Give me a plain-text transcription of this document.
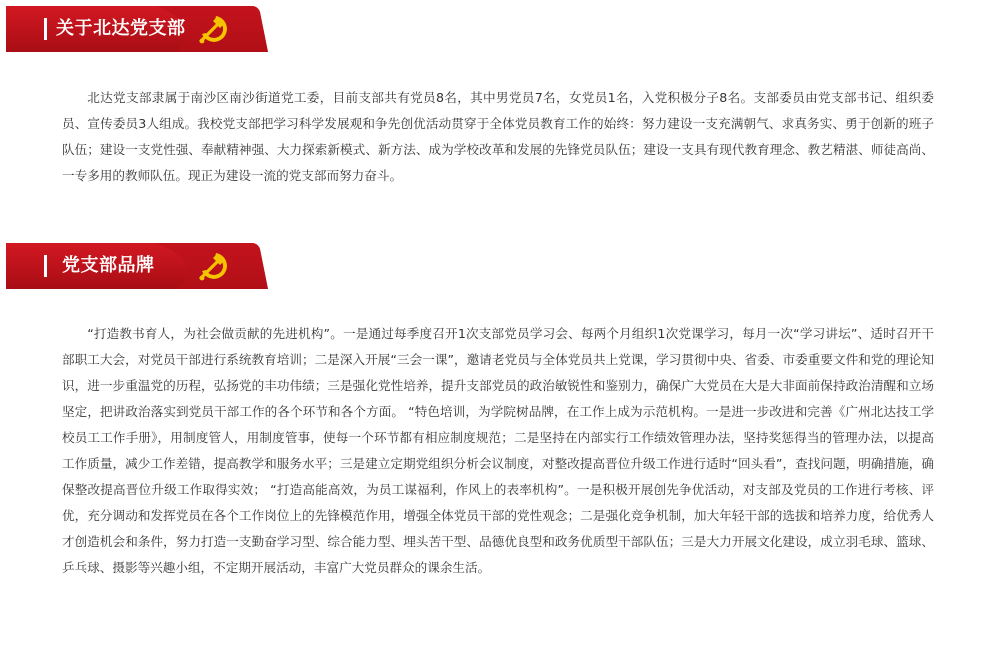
关于北达党支部

北达党支部隶属于南沙区南沙街道党工委，目前支部共有党员8名，其中男党员7名，女党员1名，入党积极分子8名。支部委员由党支部书记、组织委员、宣传委员3人组成。我校党支部把学习科学发展观和争先创优活动贯穿于全体党员教育工作的始终：努力建设一支充满朝气、求真务实、勇于创新的班子队伍；建设一支党性强、奉献精神强、大力探索新模式、新方法、成为学校改革和发展的先锋党员队伍；建设一支具有现代教育理念、教艺精湛、师徒高尚、一专多用的教师队伍。现正为建设一流的党支部而努力奋斗。

党支部品牌

“打造教书育人，为社会做贡献的先进机构”。一是通过每季度召开1次支部党员学习会、每两个月组织1次党课学习，每月一次“学习讲坛”、适时召开干部职工大会，对党员干部进行系统教育培训；二是深入开展“三会一课”，邀请老党员与全体党员共上党课，学习贯彻中央、省委、市委重要文件和党的理论知识，进一步重温党的历程，弘扬党的丰功伟绩；三是强化党性培养，提升支部党员的政治敏锐性和鉴别力，确保广大党员在大是大非面前保持政治清醒和立场坚定，把讲政治落实到党员干部工作的各个环节和各个方面。 “特色培训，为学院树品牌，在工作上成为示范机构。一是进一步改进和完善《广州北达技工学校员工工作手册》，用制度管人，用制度管事，使每一个环节都有相应制度规范；二是坚持在内部实行工作绩效管理办法，坚持奖惩得当的管理办法，以提高工作质量，减少工作差错，提高教学和服务水平；三是建立定期党组织分析会议制度，对整改提高晋位升级工作进行适时“回头看”，查找问题，明确措施，确保整改提高晋位升级工作取得实效； “打造高能高效，为员工谋福利，作风上的表率机构”。一是积极开展创先争优活动，对支部及党员的工作进行考核、评优，充分调动和发挥党员在各个工作岗位上的先锋模范作用，增强全体党员干部的党性观念；二是强化竞争机制，加大年轻干部的选拔和培养力度，给优秀人才创造机会和条件，努力打造一支勤奋学习型、综合能力型、埋头苦干型、品德优良型和政务优质型干部队伍；三是大力开展文化建设，成立羽毛球、篮球、乒乓球、摄影等兴趣小组，不定期开展活动，丰富广大党员群众的课余生活。
